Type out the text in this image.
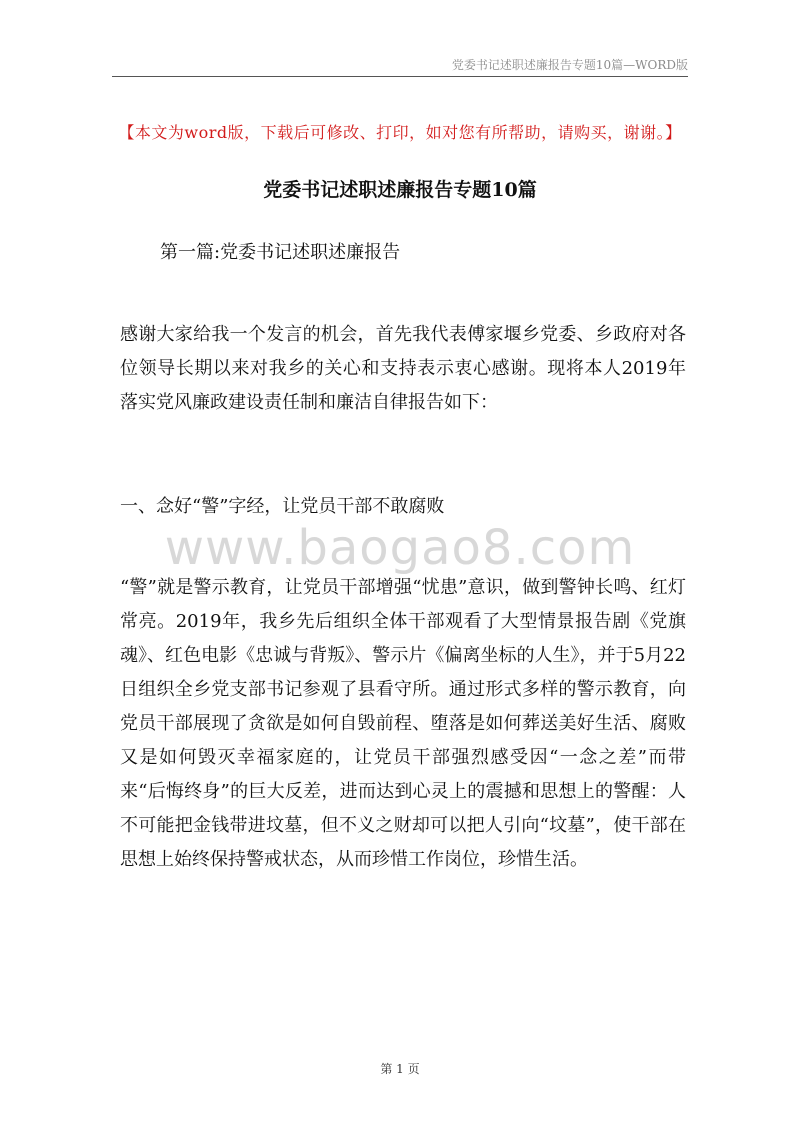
党委书记述职述廉报告专题10篇—WORD版
【本文为word版，下载后可修改、打印，如对您有所帮助，请购买，谢谢。】
党委书记述职述廉报告专题10篇
第一篇:党委书记述职述廉报告

感谢大家给我一个发言的机会，首先我代表傅家堰乡党委、乡政府对各位领导长期以来对我乡的关心和支持表示衷心感谢。现将本人2019年落实党风廉政建设责任制和廉洁自律报告如下：

一、念好“警”字经，让党员干部不敢腐败

www.baogao8.com

“警”就是警示教育，让党员干部增强“忧患”意识，做到警钟长鸣、红灯常亮。2019年，我乡先后组织全体干部观看了大型情景报告剧《党旗魂》、红色电影《忠诚与背叛》、警示片《偏离坐标的人生》，并于5月22日组织全乡党支部书记参观了县看守所。通过形式多样的警示教育，向党员干部展现了贪欲是如何自毁前程、堕落是如何葬送美好生活、腐败又是如何毁灭幸福家庭的，让党员干部强烈感受因“一念之差”而带来“后悔终身”的巨大反差，进而达到心灵上的震撼和思想上的警醒：人不可能把金钱带进坟墓，但不义之财却可以把人引向“坟墓”，使干部在思想上始终保持警戒状态，从而珍惜工作岗位，珍惜生活。

第 1 页
